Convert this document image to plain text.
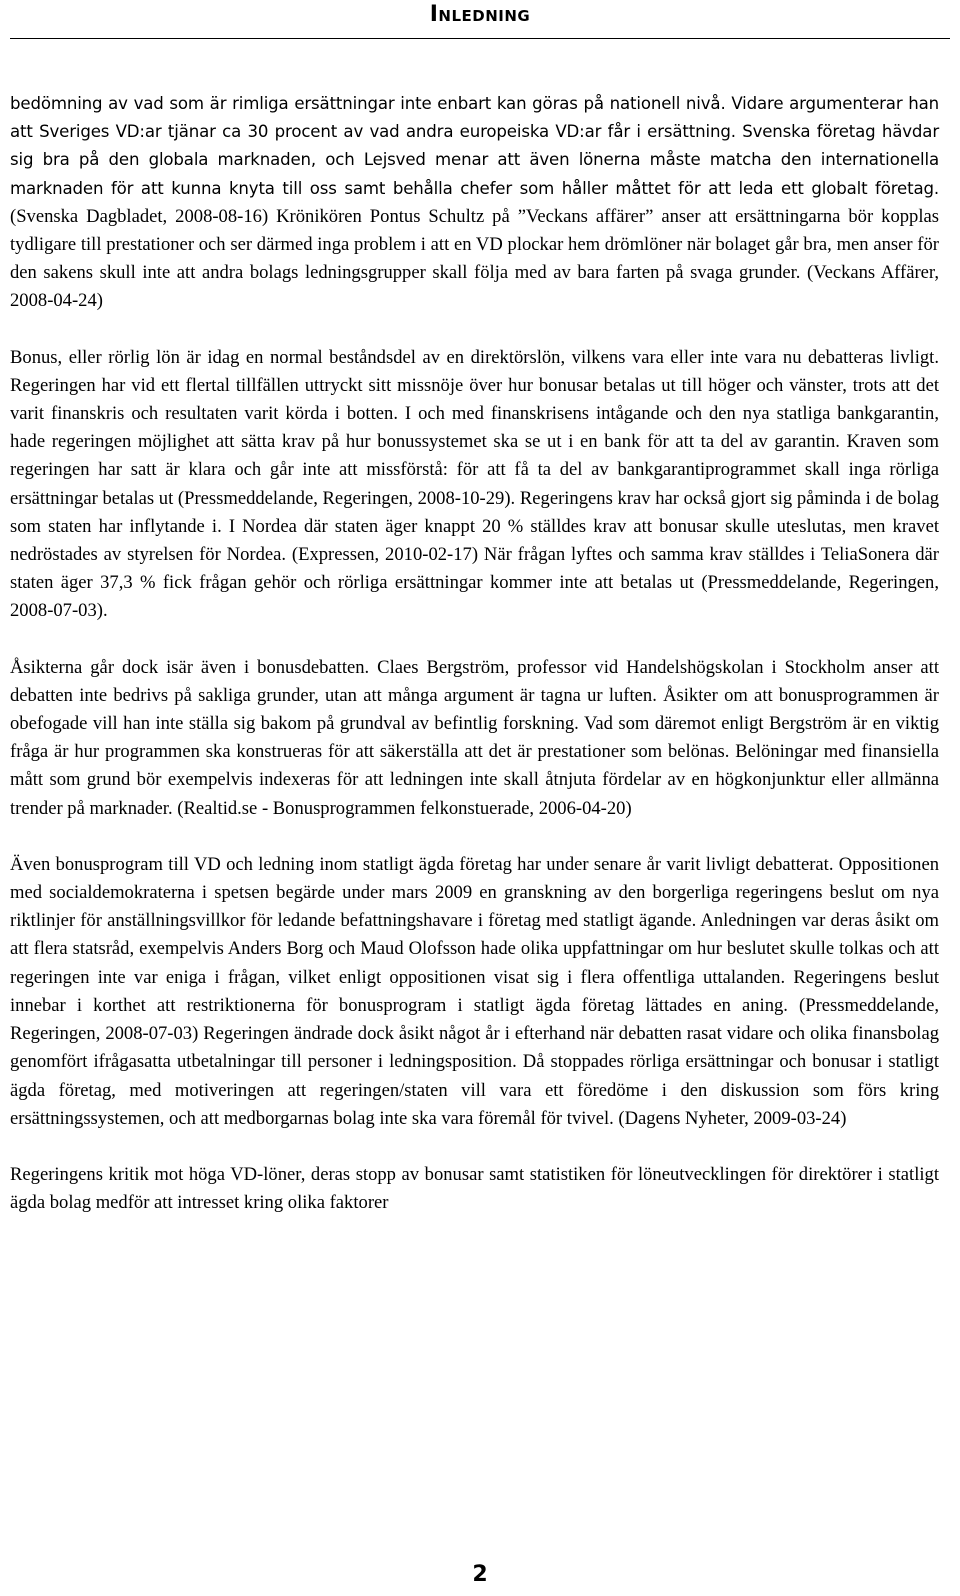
Inledning

bedömning av vad som är rimliga ersättningar inte enbart kan göras på nationell nivå. Vidare argumenterar han att Sveriges VD:ar tjänar ca 30 procent av vad andra europeiska VD:ar får i ersättning. Svenska företag hävdar sig bra på den globala marknaden, och Lejsved menar att även lönerna måste matcha den internationella marknaden för att kunna knyta till oss samt behålla chefer som håller måttet för att leda ett globalt företag. (Svenska Dagbladet, 2008-08-16) Krönikören Pontus Schultz på ”Veckans affärer” anser att ersättningarna bör kopplas tydligare till prestationer och ser därmed inga problem i att en VD plockar hem drömlöner när bolaget går bra, men anser för den sakens skull inte att andra bolags ledningsgrupper skall följa med av bara farten på svaga grunder. (Veckans Affärer, 2008-04-24)

Bonus, eller rörlig lön är idag en normal beståndsdel av en direktörslön, vilkens vara eller inte vara nu debatteras livligt. Regeringen har vid ett flertal tillfällen uttryckt sitt missnöje över hur bonusar betalas ut till höger och vänster, trots att det varit finanskris och resultaten varit körda i botten. I och med finanskrisens intågande och den nya statliga bankgarantin, hade regeringen möjlighet att sätta krav på hur bonussystemet ska se ut i en bank för att ta del av garantin. Kraven som regeringen har satt är klara och går inte att missförstå: för att få ta del av bankgarantiprogrammet skall inga rörliga ersättningar betalas ut (Pressmeddelande, Regeringen, 2008-10-29). Regeringens krav har också gjort sig påminda i de bolag som staten har inflytande i. I Nordea där staten äger knappt 20 % ställdes krav att bonusar skulle uteslutas, men kravet nedröstades av styrelsen för Nordea. (Expressen, 2010-02-17) När frågan lyftes och samma krav ställdes i TeliaSonera där staten äger 37,3 % fick frågan gehör och rörliga ersättningar kommer inte att betalas ut (Pressmeddelande, Regeringen, 2008-07-03).

Åsikterna går dock isär även i bonusdebatten. Claes Bergström, professor vid Handelshögskolan i Stockholm anser att debatten inte bedrivs på sakliga grunder, utan att många argument är tagna ur luften. Åsikter om att bonusprogrammen är obefogade vill han inte ställa sig bakom på grundval av befintlig forskning. Vad som däremot enligt Bergström är en viktig fråga är hur programmen ska konstrueras för att säkerställa att det är prestationer som belönas. Belöningar med finansiella mått som grund bör exempelvis indexeras för att ledningen inte skall åtnjuta fördelar av en högkonjunktur eller allmänna trender på marknader. (Realtid.se - Bonusprogrammen felkonstuerade, 2006-04-20)

Även bonusprogram till VD och ledning inom statligt ägda företag har under senare år varit livligt debatterat. Oppositionen med socialdemokraterna i spetsen begärde under mars 2009 en granskning av den borgerliga regeringens beslut om nya riktlinjer för anställningsvillkor för ledande befattningshavare i företag med statligt ägande. Anledningen var deras åsikt om att flera statsråd, exempelvis Anders Borg och Maud Olofsson hade olika uppfattningar om hur beslutet skulle tolkas och att regeringen inte var eniga i frågan, vilket enligt oppositionen visat sig i flera offentliga uttalanden. Regeringens beslut innebar i korthet att restriktionerna för bonusprogram i statligt ägda företag lättades en aning. (Pressmeddelande, Regeringen, 2008-07-03) Regeringen ändrade dock åsikt något år i efterhand när debatten rasat vidare och olika finansbolag genomfört ifrågasatta utbetalningar till personer i ledningsposition. Då stoppades rörliga ersättningar och bonusar i statligt ägda företag, med motiveringen att regeringen/staten vill vara ett föredöme i den diskussion som förs kring ersättningssystemen, och att medborgarnas bolag inte ska vara föremål för tvivel. (Dagens Nyheter, 2009-03-24)

Regeringens kritik mot höga VD-löner, deras stopp av bonusar samt statistiken för löneutvecklingen för direktörer i statligt ägda bolag medför att intresset kring olika faktorer

2
